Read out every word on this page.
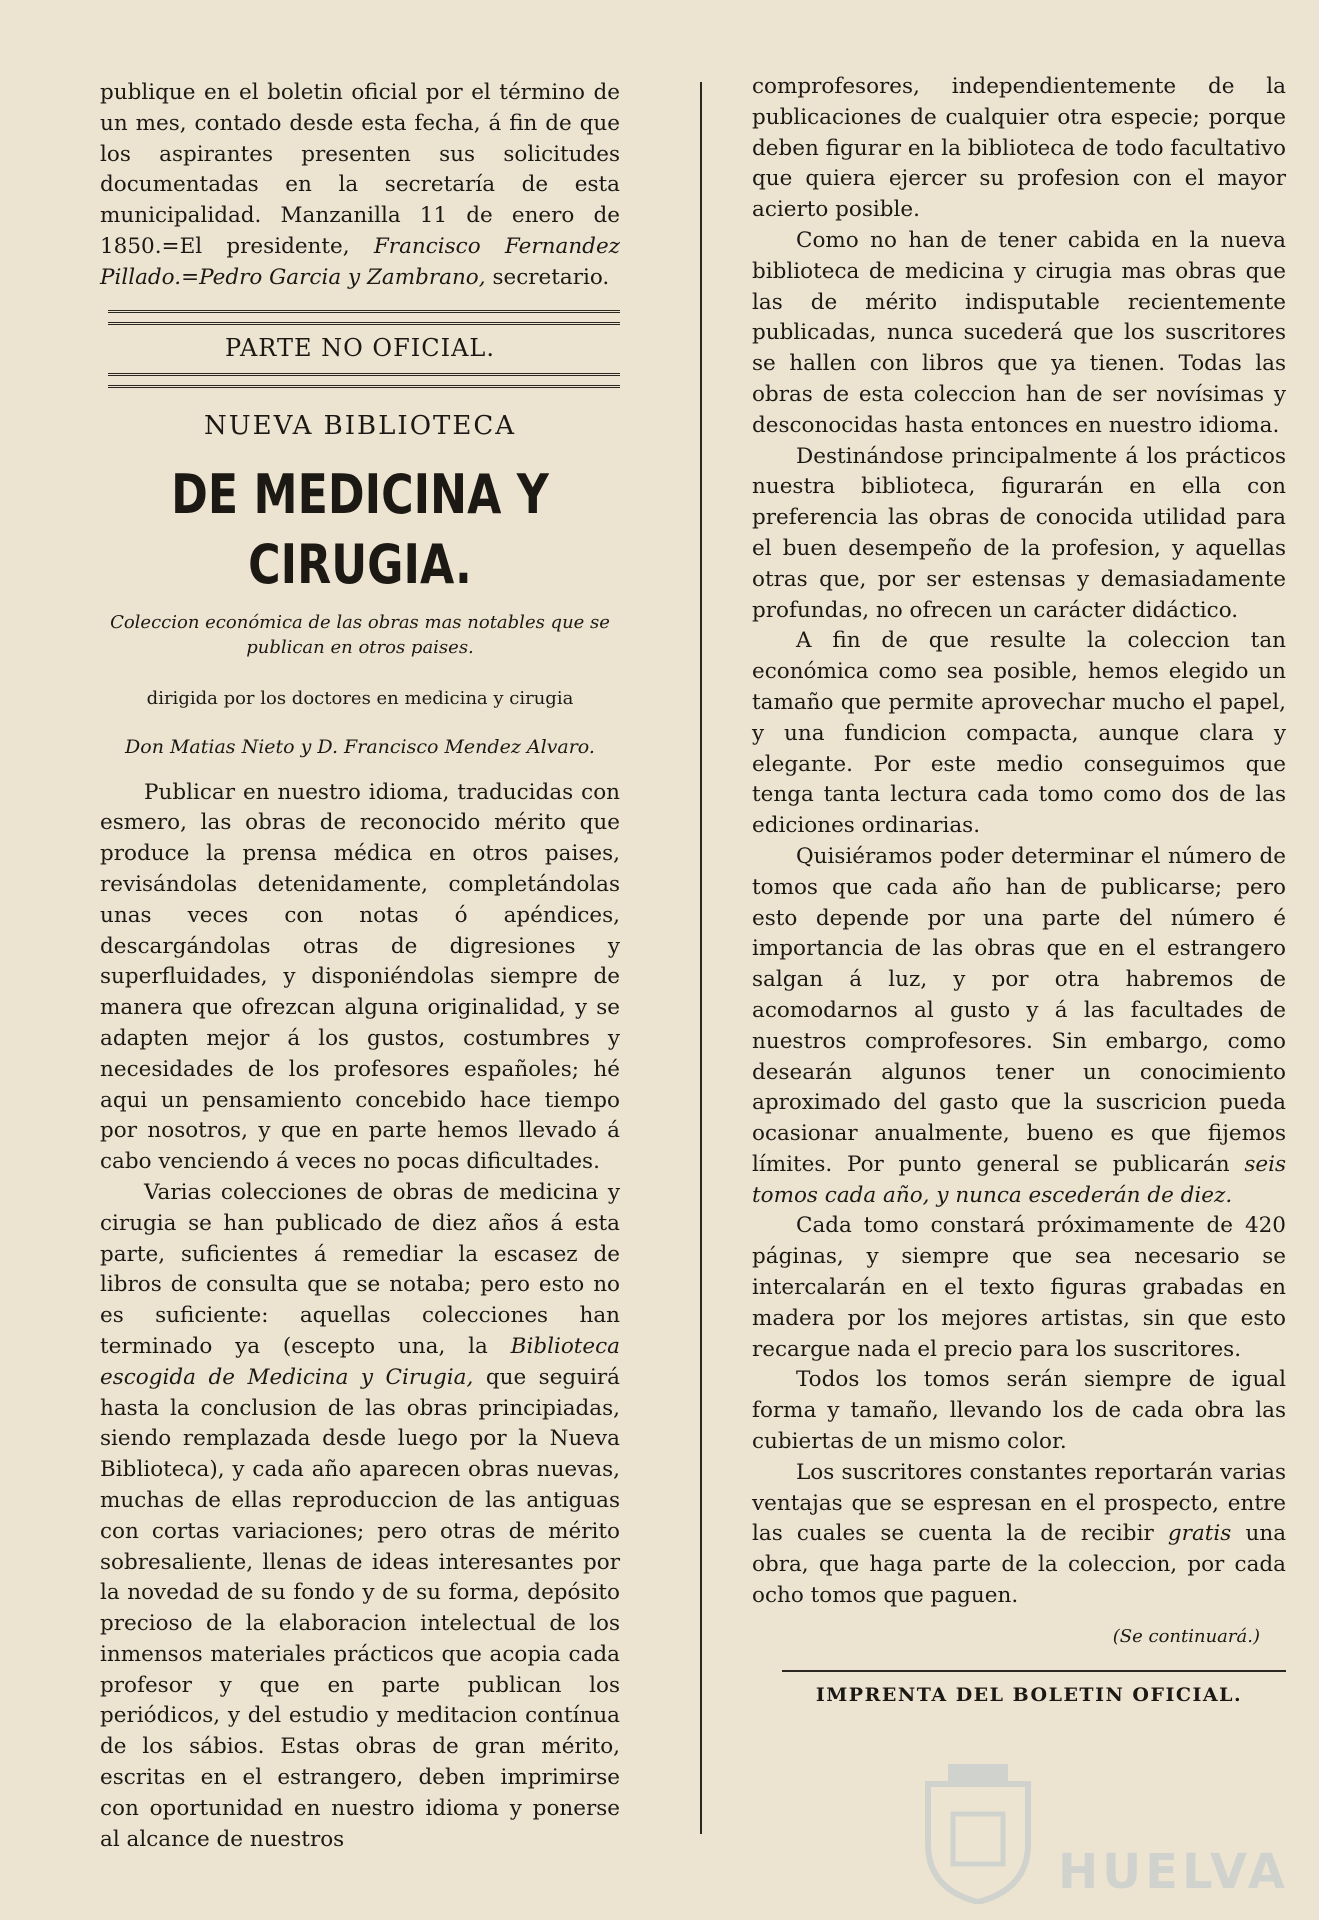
publique en el boletin oficial por el término de un mes, contado desde esta fecha, á fin de que los aspirantes presenten sus solicitudes documentadas en la secretaría de esta municipalidad. Manzanilla 11 de enero de 1850.=El presidente, Francisco Fernandez Pillado.=Pedro Garcia y Zambrano, secretario.

PARTE NO OFICIAL.
NUEVA BIBLIOTECA
DE MEDICINA Y CIRUGIA.
Coleccion económica de las obras mas notables que se publican en otros paises.
dirigida por los doctores en medicina y cirugia
Don Matias Nieto y D. Francisco Mendez Alvaro.

Publicar en nuestro idioma, traducidas con esmero, las obras de reconocido mérito que produce la prensa médica en otros paises, revisándolas detenidamente, completándolas unas veces con notas ó apéndices, descargándolas otras de digresiones y superfluidades, y disponiéndolas siempre de manera que ofrezcan alguna originalidad, y se adapten mejor á los gustos, costumbres y necesidades de los profesores españoles; hé aqui un pensamiento concebido hace tiempo por nosotros, y que en parte hemos llevado á cabo venciendo á veces no pocas dificultades.

Varias colecciones de obras de medicina y cirugia se han publicado de diez años á esta parte, suficientes á remediar la escasez de libros de consulta que se notaba; pero esto no es suficiente: aquellas colecciones han terminado ya (escepto una, la Biblioteca escogida de Medicina y Cirugia, que seguirá hasta la conclusion de las obras principiadas, siendo remplazada desde luego por la Nueva Biblioteca), y cada año aparecen obras nuevas, muchas de ellas reproduccion de las antiguas con cortas variaciones; pero otras de mérito sobresaliente, llenas de ideas interesantes por la novedad de su fondo y de su forma, depósito precioso de la elaboracion intelectual de los inmensos materiales prácticos que acopia cada profesor y que en parte publican los periódicos, y del estudio y meditacion contínua de los sábios. Estas obras de gran mérito, escritas en el estrangero, deben imprimirse con oportunidad en nuestro idioma y ponerse al alcance de nuestros

comprofesores, independientemente de la publicaciones de cualquier otra especie; porque deben figurar en la biblioteca de todo facultativo que quiera ejercer su profesion con el mayor acierto posible.

Como no han de tener cabida en la nueva biblioteca de medicina y cirugia mas obras que las de mérito indisputable recientemente publicadas, nunca sucederá que los suscritores se hallen con libros que ya tienen. Todas las obras de esta coleccion han de ser novísimas y desconocidas hasta entonces en nuestro idioma.

Destinándose principalmente á los prácticos nuestra biblioteca, figurarán en ella con preferencia las obras de conocida utilidad para el buen desempeño de la profesion, y aquellas otras que, por ser estensas y demasiadamente profundas, no ofrecen un carácter didáctico.

A fin de que resulte la coleccion tan económica como sea posible, hemos elegido un tamaño que permite aprovechar mucho el papel, y una fundicion compacta, aunque clara y elegante. Por este medio conseguimos que tenga tanta lectura cada tomo como dos de las ediciones ordinarias.

Quisiéramos poder determinar el número de tomos que cada año han de publicarse; pero esto depende por una parte del número é importancia de las obras que en el estrangero salgan á luz, y por otra habremos de acomodarnos al gusto y á las facultades de nuestros comprofesores. Sin embargo, como desearán algunos tener un conocimiento aproximado del gasto que la suscricion pueda ocasionar anualmente, bueno es que fijemos límites. Por punto general se publicarán seis tomos cada año, y nunca escederán de diez.

Cada tomo constará próximamente de 420 páginas, y siempre que sea necesario se intercalarán en el texto figuras grabadas en madera por los mejores artistas, sin que esto recargue nada el precio para los suscritores.

Todos los tomos serán siempre de igual forma y tamaño, llevando los de cada obra las cubiertas de un mismo color.

Los suscritores constantes reportarán varias ventajas que se espresan en el prospecto, entre las cuales se cuenta la de recibir gratis una obra, que haga parte de la coleccion, por cada ocho tomos que paguen.

(Se continuará.)
IMPRENTA DEL BOLETIN OFICIAL.
HUELVA
